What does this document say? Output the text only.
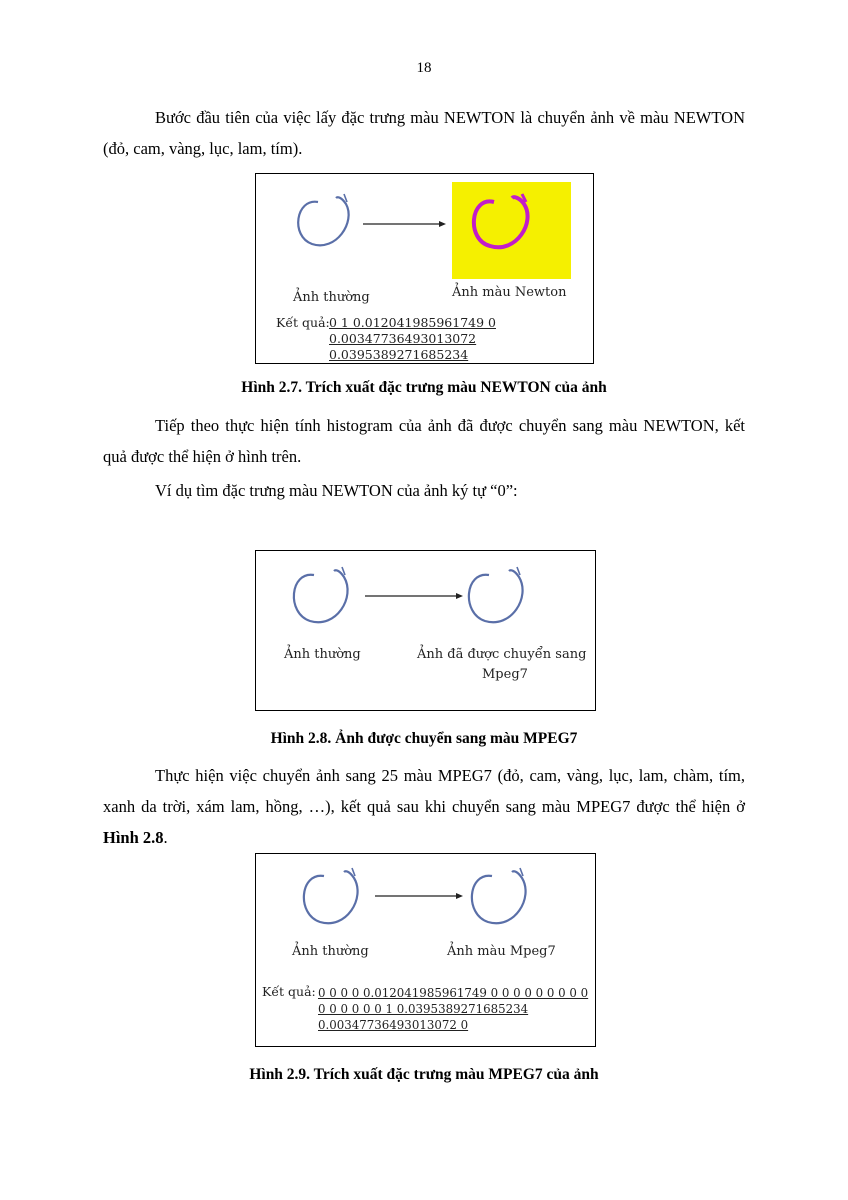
18

Bước đầu tiên của việc lấy đặc trưng màu NEWTON là chuyển ảnh về màu NEWTON (đỏ, cam, vàng, lục, lam, tím).

Ảnh thường	Ảnh màu Newton
Kết quả: 0 1 0.012041985961749 0 0.00347736493013072 0.0395389271685234

Hình 2.7. Trích xuất đặc trưng màu NEWTON của ảnh

Tiếp theo thực hiện tính histogram của ảnh đã được chuyển sang màu NEWTON, kết quả được thể hiện ở hình trên.

Ví dụ tìm đặc trưng màu NEWTON của ảnh ký tự “0”:

Ảnh thường	Ảnh đã được chuyển sang
Mpeg7

Hình 2.8. Ảnh được chuyển sang màu MPEG7

Thực hiện việc chuyển ảnh sang 25 màu MPEG7 (đỏ, cam, vàng, lục, lam, chàm, tím, xanh da trời, xám lam, hồng, …), kết quả sau khi chuyển sang màu MPEG7 được thể hiện ở Hình 2.8.

Ảnh thường	Ảnh màu Mpeg7
Kết quả: 0 0 0 0 0.012041985961749 0 0 0 0 0 0 0 0 0 0 0 0 0 0 0 1 0.0395389271685234 0.00347736493013072 0

Hình 2.9. Trích xuất đặc trưng màu MPEG7 của ảnh
